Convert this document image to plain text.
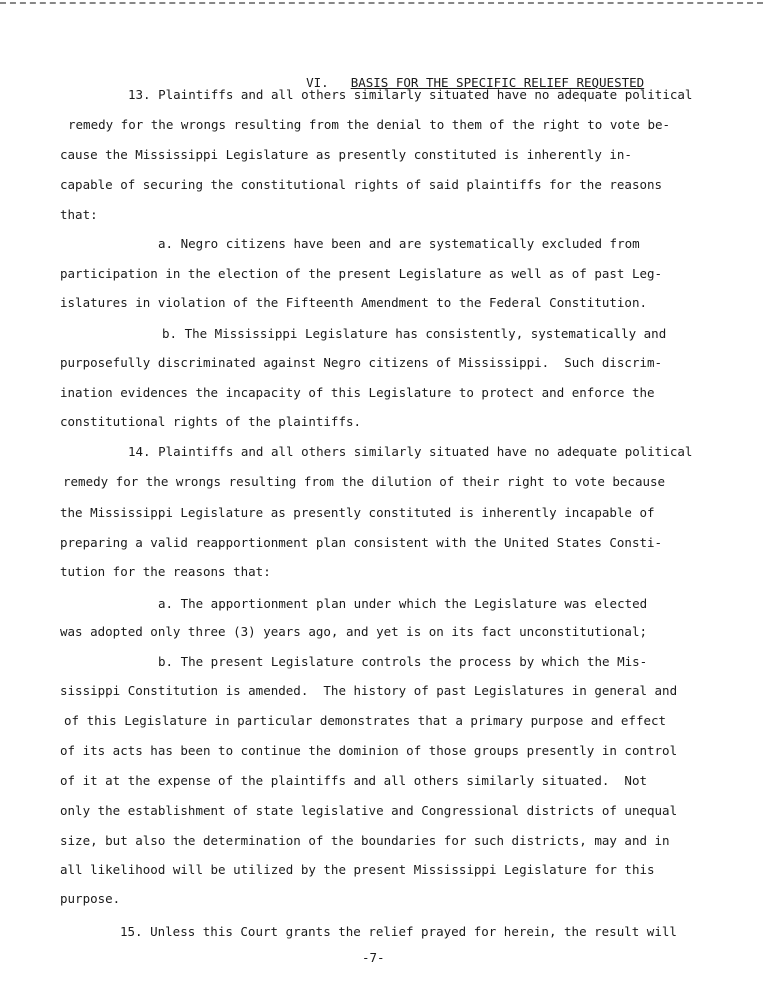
VI. BASIS FOR THE SPECIFIC RELIEF REQUESTED

13. Plaintiffs and all others similarly situated have no adequate political
remedy for the wrongs resulting from the denial to them of the right to vote be-
cause the Mississippi Legislature as presently constituted is inherently in-
capable of securing the constitutional rights of said plaintiffs for the reasons
that:
a. Negro citizens have been and are systematically excluded from
participation in the election of the present Legislature as well as of past Leg-
islatures in violation of the Fifteenth Amendment to the Federal Constitution.
b. The Mississippi Legislature has consistently, systematically and
purposefully discriminated against Negro citizens of Mississippi.  Such discrim-
ination evidences the incapacity of this Legislature to protect and enforce the
constitutional rights of the plaintiffs.
14. Plaintiffs and all others similarly situated have no adequate political
remedy for the wrongs resulting from the dilution of their right to vote because
the Mississippi Legislature as presently constituted is inherently incapable of
preparing a valid reapportionment plan consistent with the United States Consti-
tution for the reasons that:
a. The apportionment plan under which the Legislature was elected
was adopted only three (3) years ago, and yet is on its fact unconstitutional;
b. The present Legislature controls the process by which the Mis-
sissippi Constitution is amended.  The history of past Legislatures in general and
of this Legislature in particular demonstrates that a primary purpose and effect
of its acts has been to continue the dominion of those groups presently in control
of it at the expense of the plaintiffs and all others similarly situated.  Not
only the establishment of state legislative and Congressional districts of unequal
size, but also the determination of the boundaries for such districts, may and in
all likelihood will be utilized by the present Mississippi Legislature for this
purpose.
15. Unless this Court grants the relief prayed for herein, the result will
-7-
